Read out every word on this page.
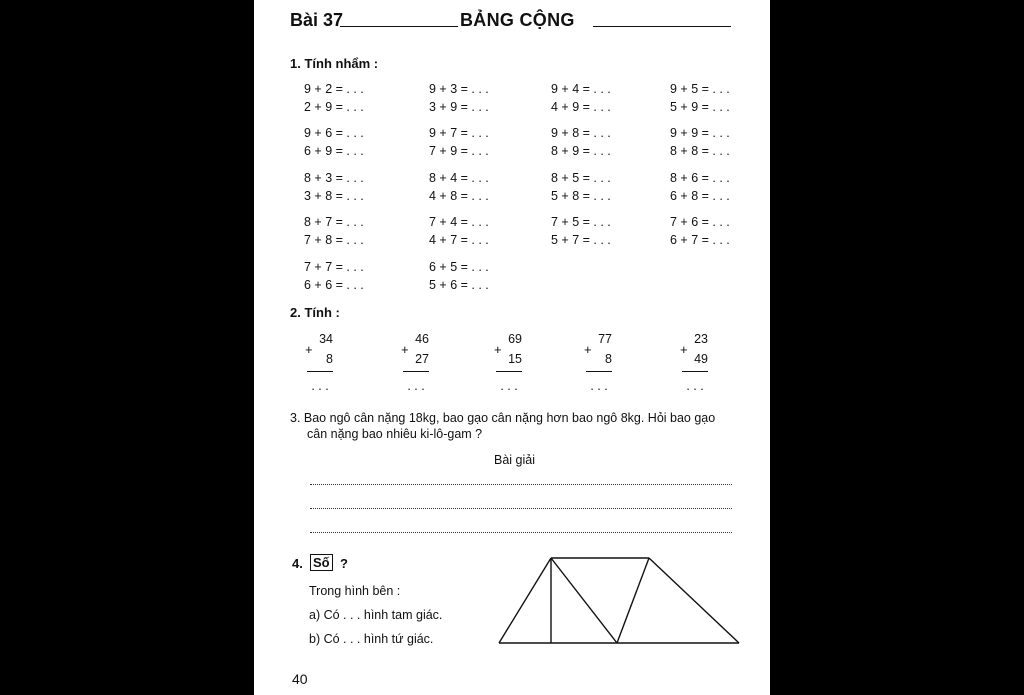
Bài 37	BẢNG CỘNG
1. Tính nhẩm :
9 + 2 = . . .	9 + 3 = . . .	9 + 4 = . . .	9 + 5 = . . .
2 + 9 = . . .	3 + 9 = . . .	4 + 9 = . . .	5 + 9 = . . .
9 + 6 = . . .	9 + 7 = . . .	9 + 8 = . . .	9 + 9 = . . .
6 + 9 = . . .	7 + 9 = . . .	8 + 9 = . . .	8 + 8 = . . .
8 + 3 = . . .	8 + 4 = . . .	8 + 5 = . . .	8 + 6 = . . .
3 + 8 = . . .	4 + 8 = . . .	5 + 8 = . . .	6 + 8 = . . .
8 + 7 = . . .	7 + 4 = . . .	7 + 5 = . . .	7 + 6 = . . .
7 + 8 = . . .	4 + 7 = . . .	5 + 7 = . . .	6 + 7 = . . .
7 + 7 = . . .	6 + 5 = . . .
6 + 6 = . . .	5 + 6 = . . .
2. Tính :
34
+
8
. . .
46
+
27
. . .
69
+
15
. . .
77
+
8
. . .
23
+
49
. . .
3. Bao ngô cân nặng 18kg, bao gạo cân nặng hơn bao ngô 8kg. Hỏi bao gạo
cân nặng bao nhiêu ki-lô-gam ?
Bài giải
4. Số ?
Trong hình bên :
a) Có . . . hình tam giác.
b) Có . . . hình tứ giác.
40
